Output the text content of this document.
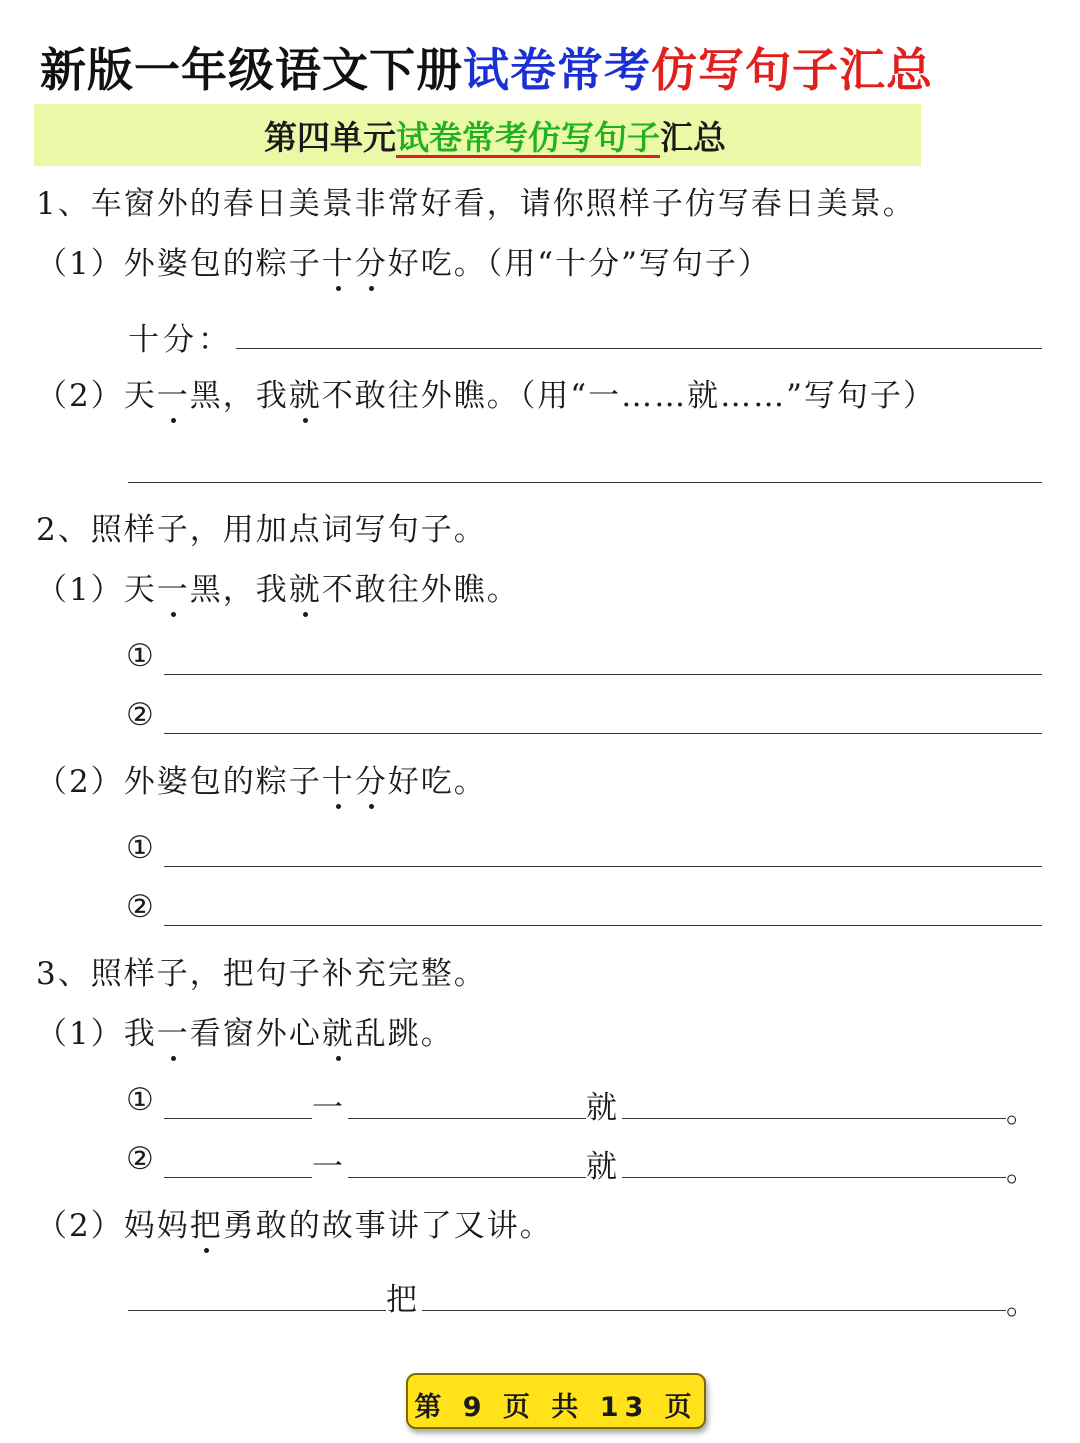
新版一年级语文下册试卷常考仿写句子汇总
第四单元试卷常考仿写句子汇总
1、车窗外的春日美景非常好看，请你照样子仿写春日美景。
（1）外婆包的粽子十分好吃。（用“十分”写句子）
十分：
（2）天一黑，我就不敢往外瞧。（用“一……就……”写句子）
2、照样子，用加点词写句子。
（1）天一黑，我就不敢往外瞧。
①
②
（2）外婆包的粽子十分好吃。
①
②
3、照样子，把句子补充完整。
（1）我一看窗外心就乱跳。
①	一	就	。
②	一	就	。
（2）妈妈把勇敢的故事讲了又讲。
把	。
第 9 页 共 13 页
